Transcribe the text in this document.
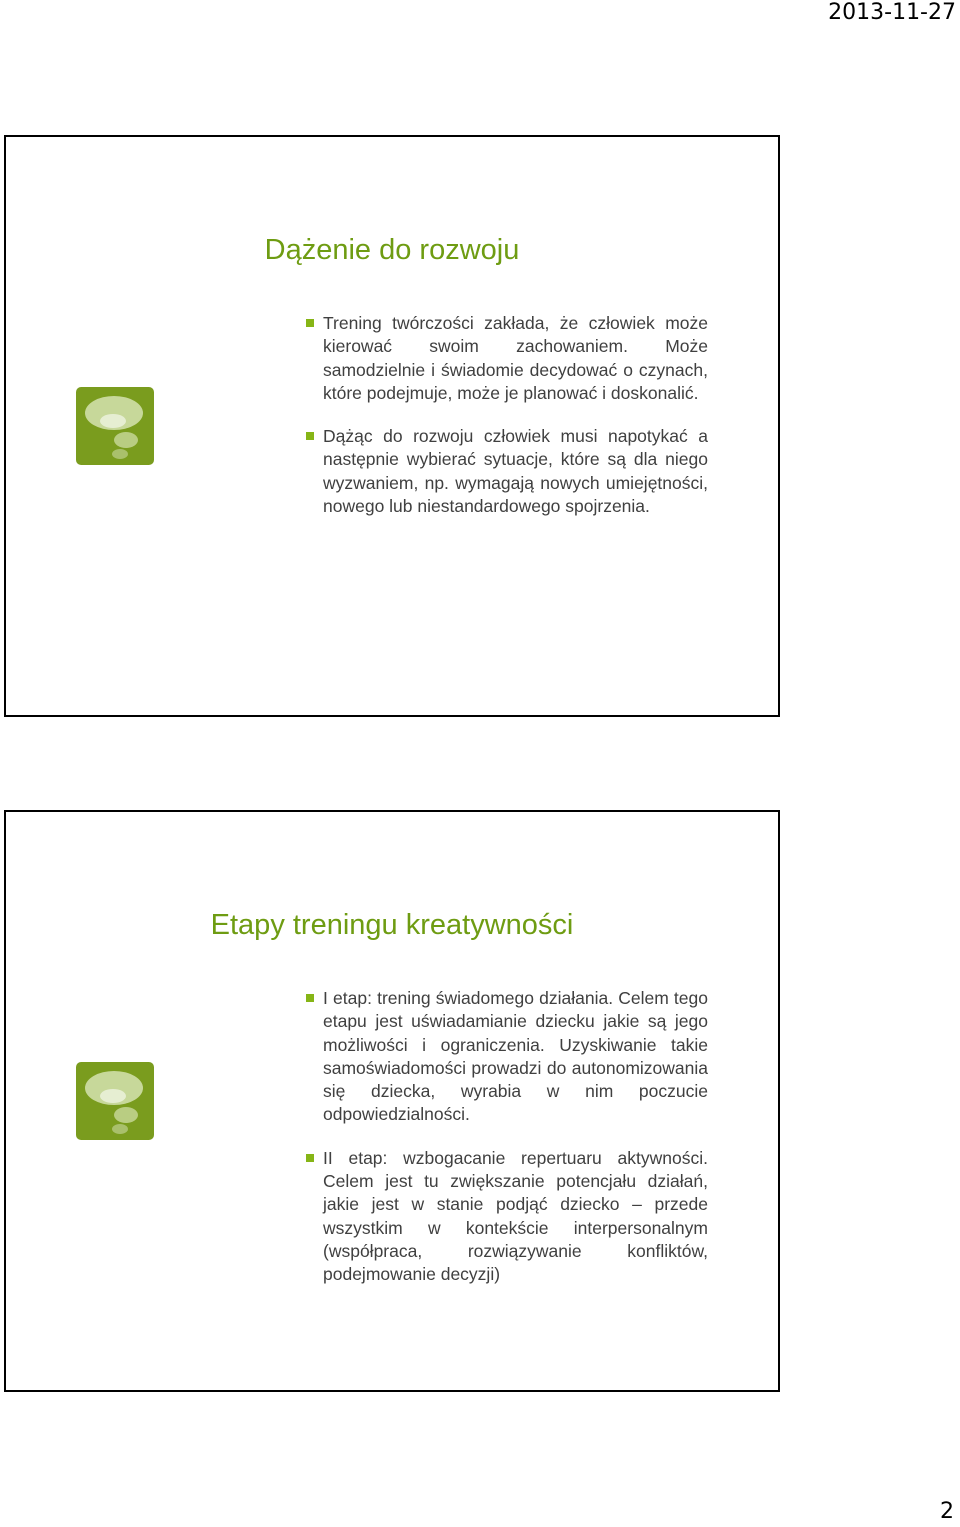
2013-11-27
Dążenie do rozwoju
Trening twórczości zakłada, że człowiek może kierować swoim zachowaniem. Może samodzielnie i świadomie decydować o czynach, które podejmuje, może je planować i doskonalić.
Dążąc do rozwoju człowiek musi napotykać a następnie wybierać sytuacje, które są dla niego wyzwaniem, np. wymagają nowych umiejętności, nowego lub niestandardowego spojrzenia.
Etapy treningu kreatywności
I etap: trening świadomego działania. Celem tego etapu jest uświadamianie dziecku jakie są jego możliwości i ograniczenia. Uzyskiwanie takie samoświadomości prowadzi do autonomizowania się dziecka, wyrabia w nim poczucie odpowiedzialności.
II etap: wzbogacanie repertuaru aktywności. Celem jest tu zwiększanie potencjału działań, jakie jest w stanie podjąć dziecko – przede wszystkim w kontekście interpersonalnym (współpraca, rozwiązywanie konfliktów, podejmowanie decyzji)
2
